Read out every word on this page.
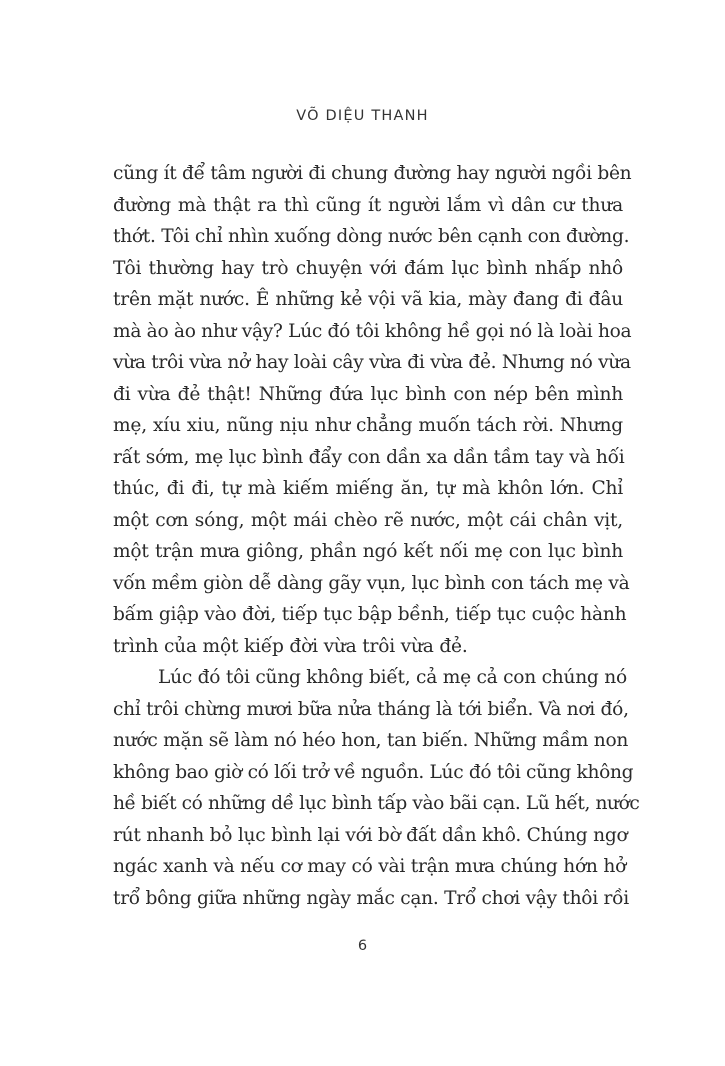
VÕ DIỆU THANH
cũng ít để tâm người đi chung đường hay người ngồi bên
đường mà thật ra thì cũng ít người lắm vì dân cư thưa
thớt. Tôi chỉ nhìn xuống dòng nước bên cạnh con đường.
Tôi thường hay trò chuyện với đám lục bình nhấp nhô
trên mặt nước. Ê những kẻ vội vã kia, mày đang đi đâu
mà ào ào như vậy? Lúc đó tôi không hề gọi nó là loài hoa
vừa trôi vừa nở hay loài cây vừa đi vừa đẻ. Nhưng nó vừa
đi vừa đẻ thật! Những đứa lục bình con nép bên mình
mẹ, xíu xiu, nũng nịu như chẳng muốn tách rời. Nhưng
rất sớm, mẹ lục bình đẩy con dần xa dần tầm tay và hối
thúc, đi đi, tự mà kiếm miếng ăn, tự mà khôn lớn. Chỉ
một cơn sóng, một mái chèo rẽ nước, một cái chân vịt,
một trận mưa giông, phần ngó kết nối mẹ con lục bình
vốn mềm giòn dễ dàng gãy vụn, lục bình con tách mẹ và
bấm giập vào đời, tiếp tục bập bềnh, tiếp tục cuộc hành
trình của một kiếp đời vừa trôi vừa đẻ.
Lúc đó tôi cũng không biết, cả mẹ cả con chúng nó
chỉ trôi chừng mươi bữa nửa tháng là tới biển. Và nơi đó,
nước mặn sẽ làm nó héo hon, tan biến. Những mầm non
không bao giờ có lối trở về nguồn. Lúc đó tôi cũng không
hề biết có những dề lục bình tấp vào bãi cạn. Lũ hết, nước
rút nhanh bỏ lục bình lại với bờ đất dần khô. Chúng ngơ
ngác xanh và nếu cơ may có vài trận mưa chúng hớn hở
trổ bông giữa những ngày mắc cạn. Trổ chơi vậy thôi rồi
6
